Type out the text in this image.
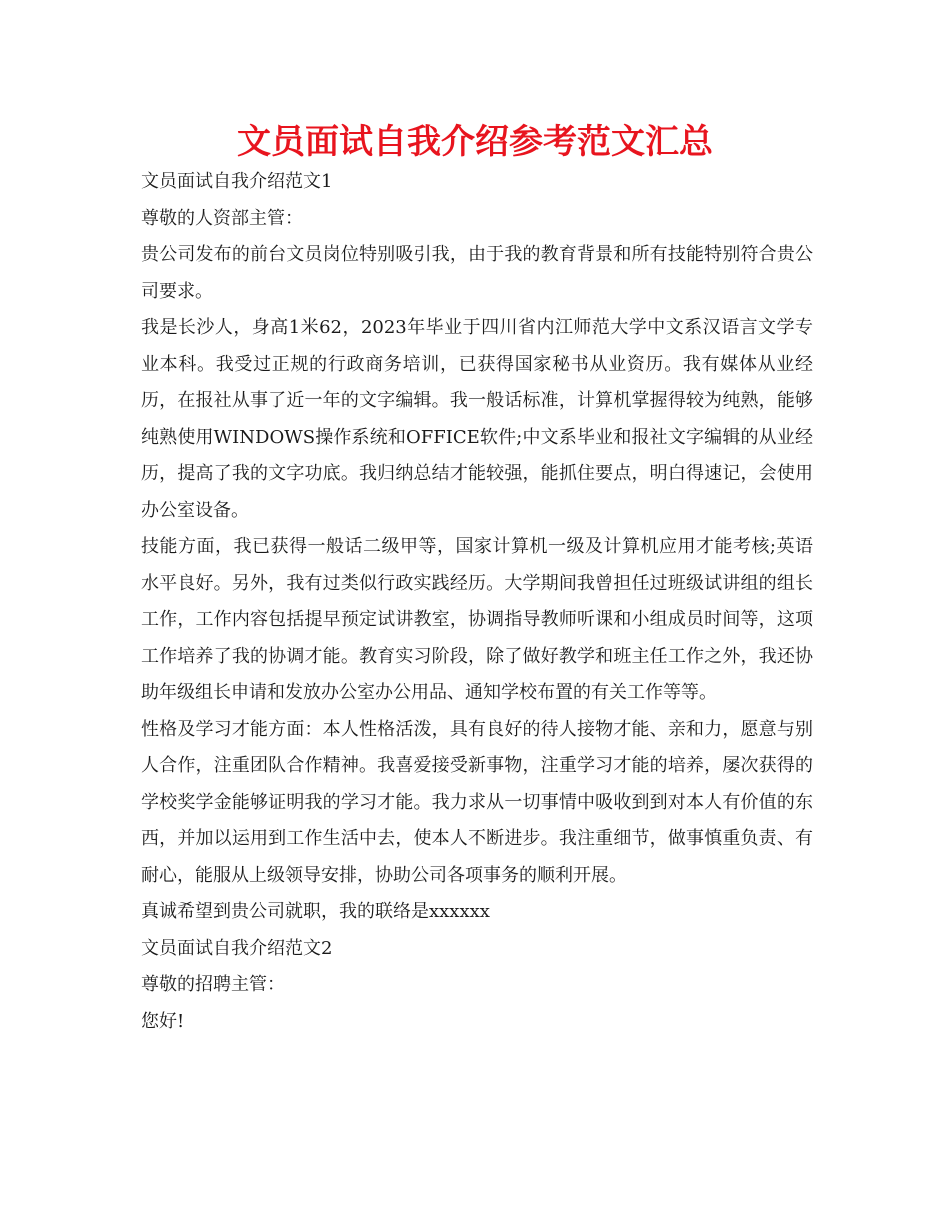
文员面试自我介绍参考范文汇总

文员面试自我介绍范文1

尊敬的人资部主管：

贵公司发布的前台文员岗位特别吸引我，由于我的教育背景和所有技能特别符合贵公司要求。

我是长沙人，身高1米62，2023年毕业于四川省内江师范大学中文系汉语言文学专业本科。我受过正规的行政商务培训，已获得国家秘书从业资历。我有媒体从业经历，在报社从事了近一年的文字编辑。我一般话标准，计算机掌握得较为纯熟，能够纯熟使用WINDOWS操作系统和OFFICE软件;中文系毕业和报社文字编辑的从业经历，提高了我的文字功底。我归纳总结才能较强，能抓住要点，明白得速记，会使用办公室设备。

技能方面，我已获得一般话二级甲等，国家计算机一级及计算机应用才能考核;英语水平良好。另外，我有过类似行政实践经历。大学期间我曾担任过班级试讲组的组长工作，工作内容包括提早预定试讲教室，协调指导教师听课和小组成员时间等，这项工作培养了我的协调才能。教育实习阶段，除了做好教学和班主任工作之外，我还协助年级组长申请和发放办公室办公用品、通知学校布置的有关工作等等。

性格及学习才能方面：本人性格活泼，具有良好的待人接物才能、亲和力，愿意与别人合作，注重团队合作精神。我喜爱接受新事物，注重学习才能的培养，屡次获得的学校奖学金能够证明我的学习才能。我力求从一切事情中吸收到到对本人有价值的东西，并加以运用到工作生活中去，使本人不断进步。我注重细节，做事慎重负责、有耐心，能服从上级领导安排，协助公司各项事务的顺利开展。

真诚希望到贵公司就职，我的联络是xxxxxx

文员面试自我介绍范文2

尊敬的招聘主管：

您好!
